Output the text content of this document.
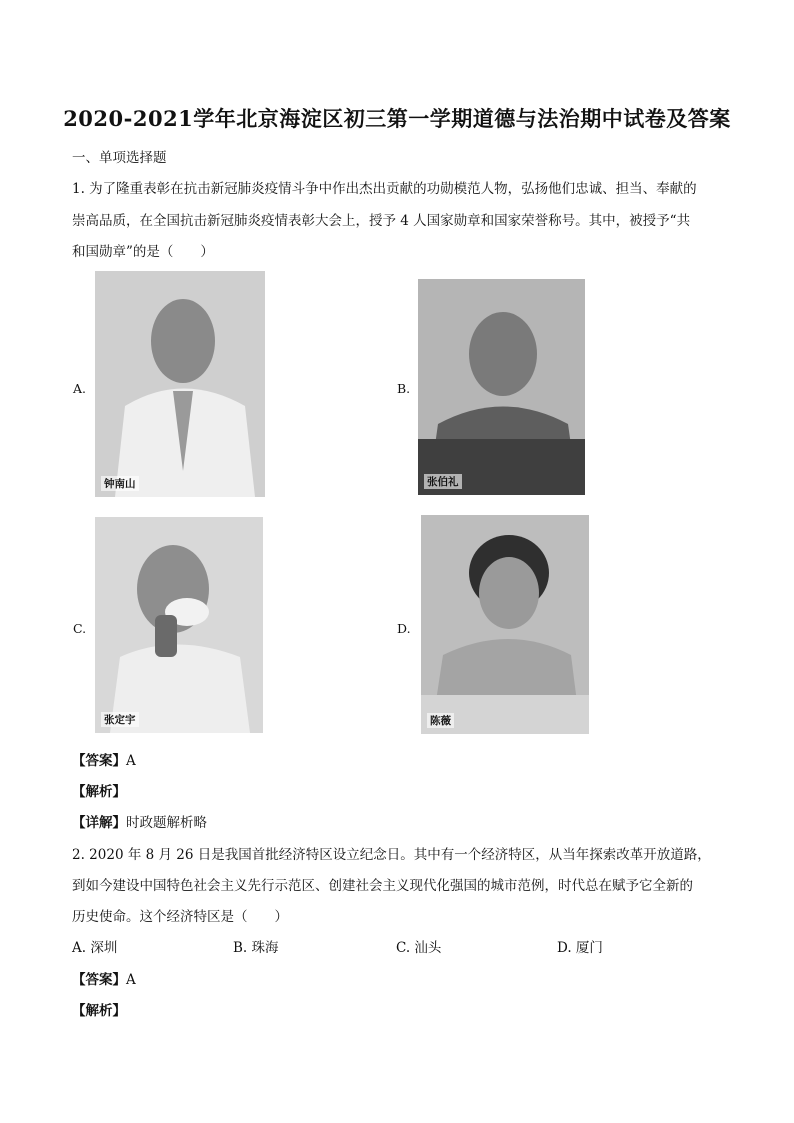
2020-2021学年北京海淀区初三第一学期道德与法治期中试卷及答案
一、单项选择题
1. 为了隆重表彰在抗击新冠肺炎疫情斗争中作出杰出贡献的功勋模范人物，弘扬他们忠诚、担当、奉献的
崇高品质，在全国抗击新冠肺炎疫情表彰大会上，授予 4 人国家勋章和国家荣誉称号。其中，被授予“共
和国勋章”的是（　　）
A.
钟南山
B.
张伯礼
C.
张定宇
D.
陈薇
【答案】A
【解析】
【详解】时政题解析略
2. 2020 年 8 月 26 日是我国首批经济特区设立纪念日。其中有一个经济特区，从当年探索改革开放道路，
到如今建设中国特色社会主义先行示范区、创建社会主义现代化强国的城市范例，时代总在赋予它全新的
历史使命。这个经济特区是（　　）
A. 深圳	B. 珠海	C. 汕头	D. 厦门
【答案】A
【解析】
